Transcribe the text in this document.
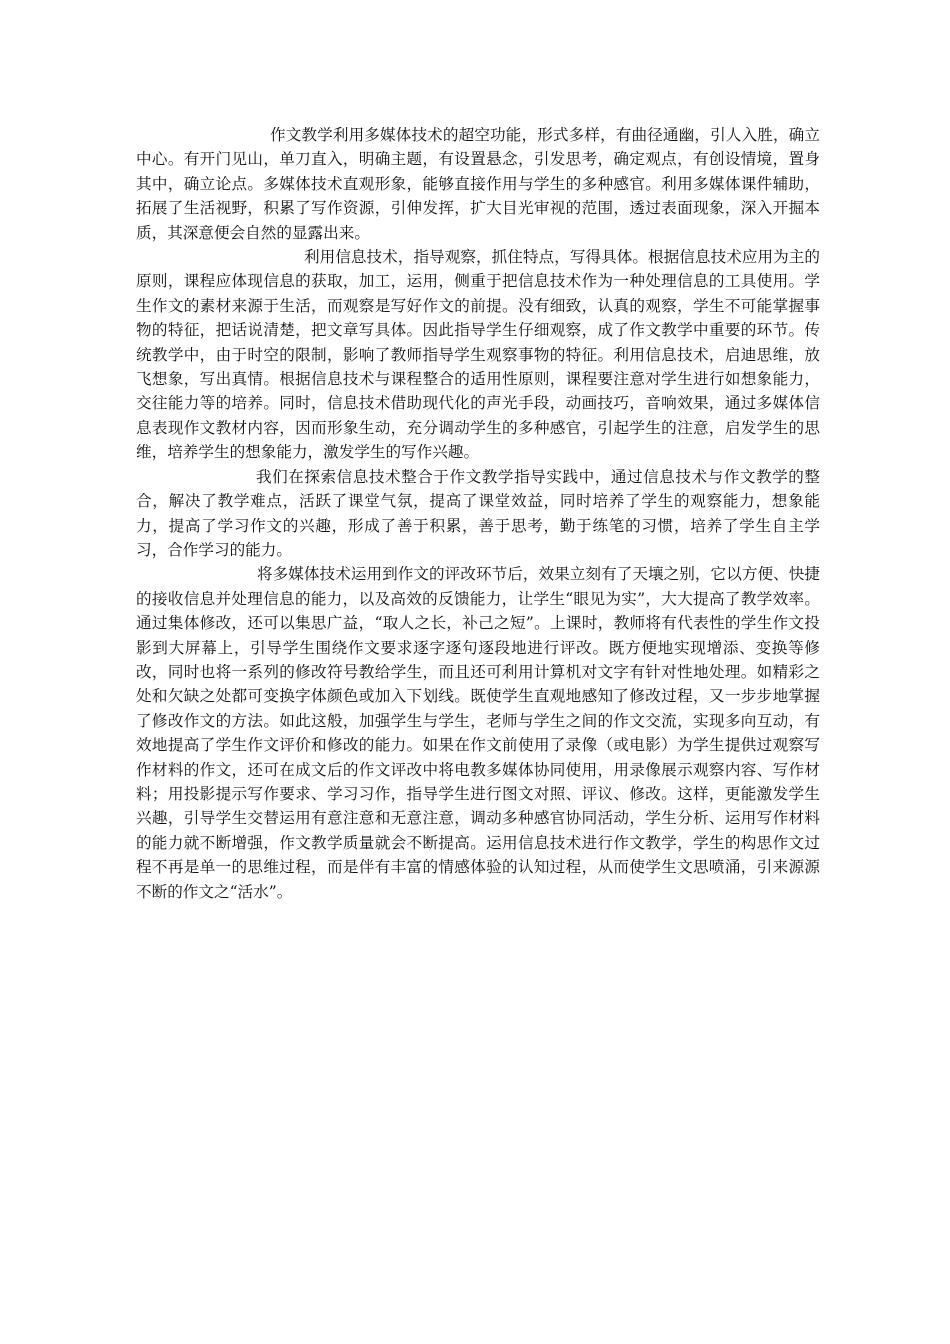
作文教学利用多媒体技术的超空功能，形式多样，有曲径通幽，引人入胜，确立中心。有开门见山，单刀直入，明确主题，有设置悬念，引发思考，确定观点，有创设情境，置身其中，确立论点。多媒体技术直观形象，能够直接作用与学生的多种感官。利用多媒体课件辅助，拓展了生活视野，积累了写作资源，引伸发挥，扩大目光审视的范围，透过表面现象，深入开掘本质，其深意便会自然的显露出来。

利用信息技术，指导观察，抓住特点，写得具体。根据信息技术应用为主的原则，课程应体现信息的获取，加工，运用，侧重于把信息技术作为一种处理信息的工具使用。学生作文的素材来源于生活，而观察是写好作文的前提。没有细致，认真的观察，学生不可能掌握事物的特征，把话说清楚，把文章写具体。因此指导学生仔细观察，成了作文教学中重要的环节。传统教学中，由于时空的限制，影响了教师指导学生观察事物的特征。利用信息技术，启迪思维，放飞想象，写出真情。根据信息技术与课程整合的适用性原则，课程要注意对学生进行如想象能力，交往能力等的培养。同时，信息技术借助现代化的声光手段，动画技巧，音响效果，通过多媒体信息表现作文教材内容，因而形象生动，充分调动学生的多种感官，引起学生的注意，启发学生的思维，培养学生的想象能力，激发学生的写作兴趣。

我们在探索信息技术整合于作文教学指导实践中，通过信息技术与作文教学的整合，解决了教学难点，活跃了课堂气氛，提高了课堂效益，同时培养了学生的观察能力，想象能力，提高了学习作文的兴趣，形成了善于积累，善于思考，勤于练笔的习惯，培养了学生自主学习，合作学习的能力。

将多媒体技术运用到作文的评改环节后，效果立刻有了天壤之别，它以方便、快捷的接收信息并处理信息的能力，以及高效的反馈能力，让学生“眼见为实”，大大提高了教学效率。通过集体修改，还可以集思广益，“取人之长，补己之短”。上课时，教师将有代表性的学生作文投影到大屏幕上，引导学生围绕作文要求逐字逐句逐段地进行评改。既方便地实现增添、变换等修改，同时也将一系列的修改符号教给学生，而且还可利用计算机对文字有针对性地处理。如精彩之处和欠缺之处都可变换字体颜色或加入下划线。既使学生直观地感知了修改过程，又一步步地掌握了修改作文的方法。如此这般，加强学生与学生，老师与学生之间的作文交流，实现多向互动，有效地提高了学生作文评价和修改的能力。如果在作文前使用了录像（或电影）为学生提供过观察写作材料的作文，还可在成文后的作文评改中将电教多媒体协同使用，用录像展示观察内容、写作材料；用投影提示写作要求、学习习作，指导学生进行图文对照、评议、修改。这样，更能激发学生兴趣，引导学生交替运用有意注意和无意注意，调动多种感官协同活动，学生分析、运用写作材料的能力就不断增强，作文教学质量就会不断提高。运用信息技术进行作文教学，学生的构思作文过程不再是单一的思维过程，而是伴有丰富的情感体验的认知过程，从而使学生文思喷涌，引来源源不断的作文之“活水”。
